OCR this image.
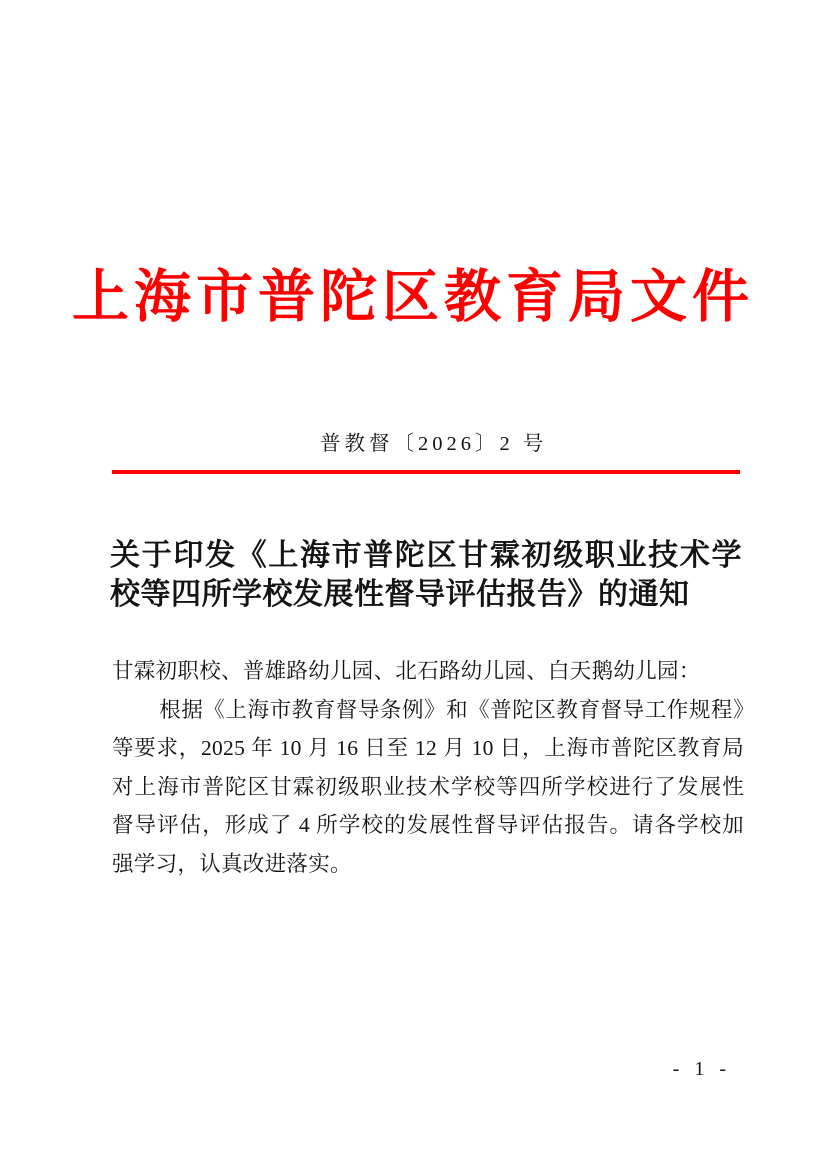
上海市普陀区教育局文件
普教督〔2026〕2 号
关于印发《上海市普陀区甘霖初级职业技术学校等四所学校发展性督导评估报告》的通知

甘霖初职校、普雄路幼儿园、北石路幼儿园、白天鹅幼儿园：

根据《上海市教育督导条例》和《普陀区教育督导工作规程》等要求，2025 年 10 月 16 日至 12 月 10 日，上海市普陀区教育局对上海市普陀区甘霖初级职业技术学校等四所学校进行了发展性督导评估，形成了 4 所学校的发展性督导评估报告。请各学校加强学习，认真改进落实。

- 1 -
